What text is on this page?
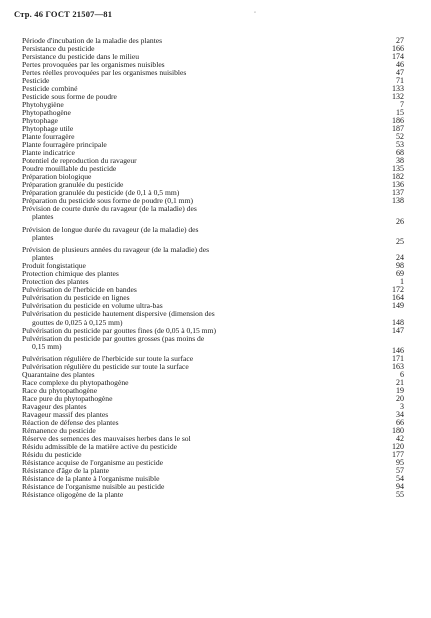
Стр. 46 ГОСТ 21507—81	◦
Période d'incubation de la maladie des plantes	27
Persistance du pesticide	166
Persistance du pesticide dans le milieu	174
Pertes provoquées par les organismes nuisibles	46
Pertes réelles provoquées par les organismes nuisibles	47
Pesticide	71
Pesticide combiné	133
Pesticide sous forme de poudre	132
Phytohygiène	7
Phytopathogène	15
Phytophage	186
Phytophage utile	187
Plante fourragère	52
Plante fourragère principale	53
Plante indicatrice	68
Potentiel de reproduction du ravageur	38
Poudre mouillable du pesticide	135
Préparation biologique	182
Préparation granulée du pesticide	136
Préparation granulée du pesticide (de 0,1 à 0,5 mm)	137
Préparation du pesticide sous forme de poudre (0,1 mm)	138
Prévision de courte durée du ravageur (de la maladie) des
plantes	26
Prévision de longue durée du ravageur (de la maladie) des
plantes	25
Prévision de plusieurs années du ravageur (de la maladie) des
plantes	24
Produit fongistatique	98
Protection chimique des plantes	69
Protection des plantes	1
Pulvérisation de l'herbicide en bandes	172
Pulvérisation du pesticide en lignes	164
Pulvérisation du pesticide en volume ultra-bas	149
Pulvérisation du pesticide hautement dispersive (dimension des
gouttes de 0,025 à 0,125 mm)	148
Pulvérisation du pesticide par gouttes fines (de 0,05 à 0,15 mm)	147
Pulvérisation du pesticide par gouttes grosses (pas moins de
0,15 mm)	146
Pulvérisation régulière de l'herbicide sur toute la surface	171
Pulvérisation régulière du pesticide sur toute la surface	163
Quarantaine des plantes	6
Race complexe du phytopathogène	21
Race du phytopathogène	19
Race pure du phytopathogène	20
Ravageur des plantes	3
Ravageur massif des plantes	34
Réaction de défense des plantes	66
Rémanence du pesticide	180
Réserve des semences des mauvaises herbes dans le sol	42
Résidu admissible de la matière active du pesticide	120
Résidu du pesticide	177
Résistance acquise de l'organisme au pesticide	95
Résistance d'âge de la plante	57
Résistance de la plante à l'organisme nuisible	54
Résistance de l'organisme nuisible au pesticide	94
Résistance oligogène de la plante	55
